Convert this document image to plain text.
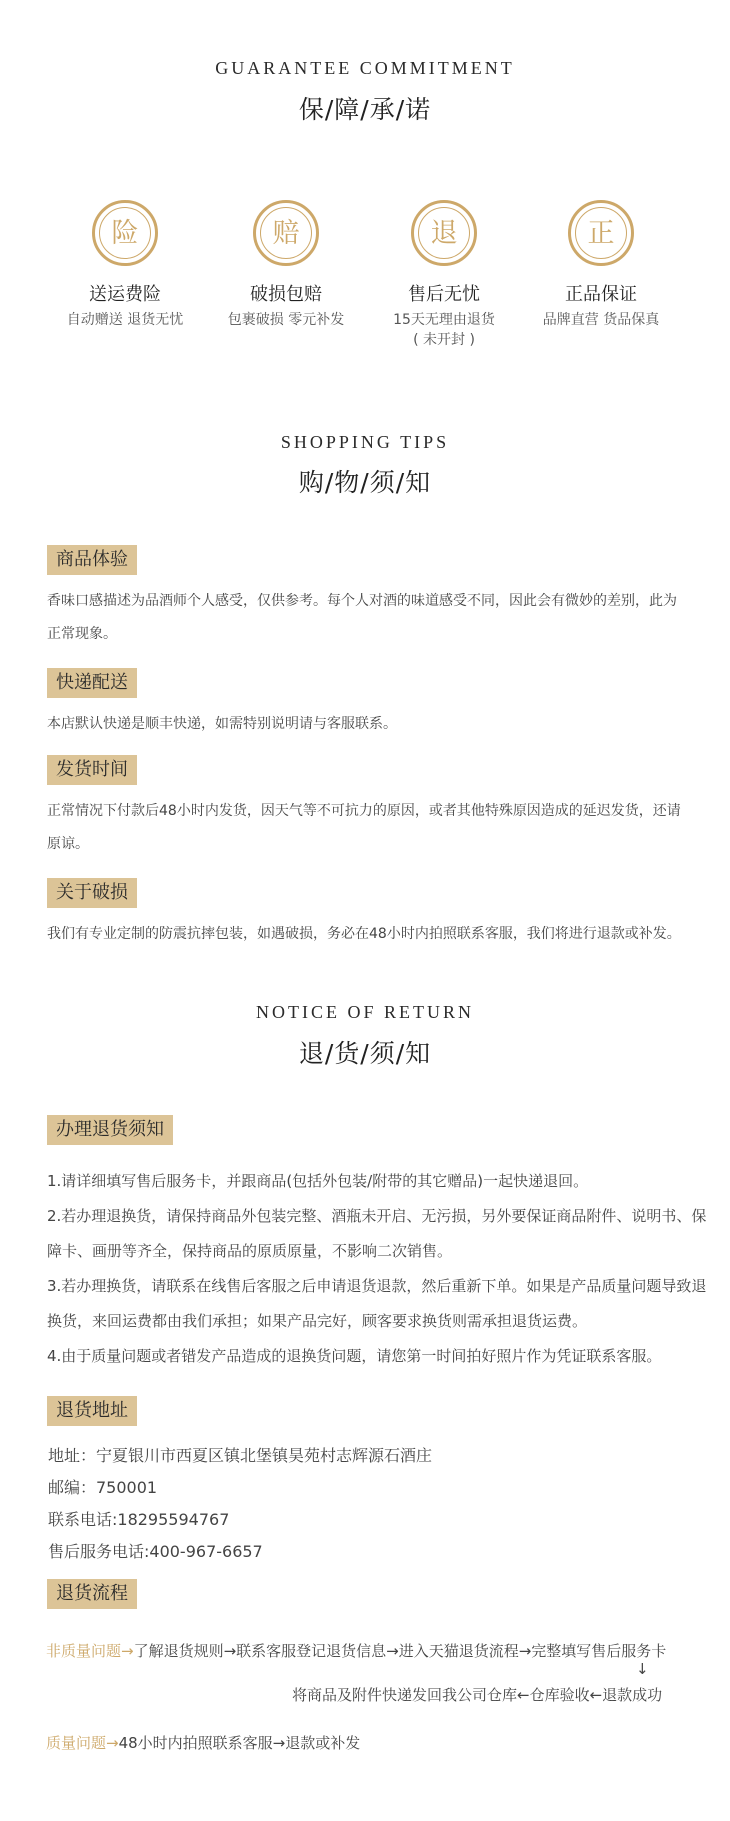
GUARANTEE COMMITMENT
保/障/承/诺
险
送运费险
自动赠送 退货无忧
赔
破损包赔
包裹破损 零元补发
退
售后无忧
15天无理由退货
( 未开封 )
正
正品保证
品牌直营 货品保真
SHOPPING TIPS
购/物/须/知
商品体验
香味口感描述为品酒师个人感受，仅供参考。每个人对酒的味道感受不同，因此会有微妙的差别，此为正常现象。
快递配送
本店默认快递是顺丰快递，如需特别说明请与客服联系。
发货时间
正常情况下付款后48小时内发货，因天气等不可抗力的原因，或者其他特殊原因造成的延迟发货，还请原谅。
关于破损
我们有专业定制的防震抗摔包装，如遇破损，务必在48小时内拍照联系客服，我们将进行退款或补发。
NOTICE OF RETURN
退/货/须/知
办理退货须知
1.请详细填写售后服务卡，并跟商品(包括外包装/附带的其它赠品)一起快递退回。
2.若办理退换货，请保持商品外包装完整、酒瓶未开启、无污损，另外要保证商品附件、说明书、保障卡、画册等齐全，保持商品的原质原量，不影响二次销售。
3.若办理换货，请联系在线售后客服之后申请退货退款，然后重新下单。如果是产品质量问题导致退换货，来回运费都由我们承担；如果产品完好，顾客要求换货则需承担退货运费。
4.由于质量问题或者错发产品造成的退换货问题，请您第一时间拍好照片作为凭证联系客服。
退货地址
地址：宁夏银川市西夏区镇北堡镇昊苑村志辉源石酒庄
邮编：750001
联系电话:18295594767
售后服务电话:400-967-6657
退货流程
非质量问题→了解退货规则→联系客服登记退货信息→进入天猫退货流程→完整填写售后服务卡
↓
将商品及附件快递发回我公司仓库←仓库验收←退款成功
质量问题→48小时内拍照联系客服→退款或补发
